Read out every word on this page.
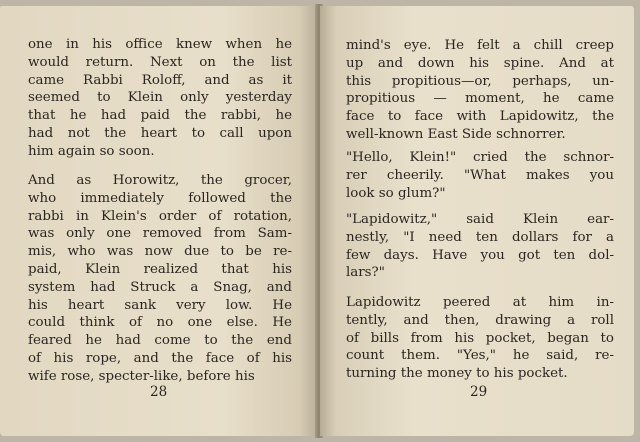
one in his office knew when he
would return. Next on the list
came Rabbi Roloff, and as it
seemed to Klein only yesterday
that he had paid the rabbi, he
had not the heart to call upon
him again so soon.
And as Horowitz, the grocer,
who immediately followed the
rabbi in Klein's order of rotation,
was only one removed from Sam-
mis, who was now due to be re-
paid, Klein realized that his
system had Struck a Snag, and
his heart sank very low. He
could think of no one else. He
feared he had come to the end
of his rope, and the face of his
wife rose, specter-like, before his
28
mind's eye. He felt a chill creep
up and down his spine. And at
this propitious—or, perhaps, un-
propitious — moment, he came
face to face with Lapidowitz, the
well-known East Side schnorrer.
"Hello, Klein!" cried the schnor-
rer cheerily. "What makes you
look so glum?"
"Lapidowitz," said Klein ear-
nestly, "I need ten dollars for a
few days. Have you got ten dol-
lars?"
Lapidowitz peered at him in-
tently, and then, drawing a roll
of bills from his pocket, began to
count them. "Yes," he said, re-
turning the money to his pocket.
29
